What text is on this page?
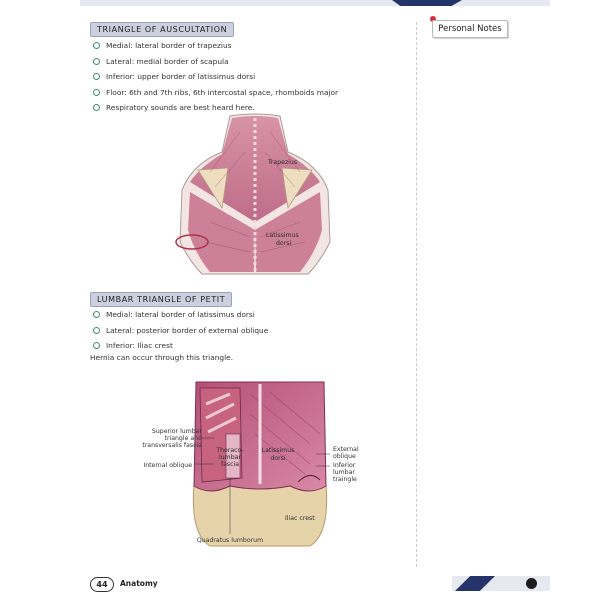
Personal Notes
TRIANGLE OF AUSCULTATION
Medial: lateral border of trapezius
Lateral: medial border of scapula
Inferior: upper border of latissimus dorsi
Floor: 6th and 7th ribs, 6th intercostal space, rhomboids major
Respiratory sounds are best heard here.
Trapezius
Latissimus
dorsi
LUMBAR TRIANGLE OF PETIT
Medial: lateral border of latissimus dorsi
Lateral: posterior border of external oblique
Inferior: Iliac crest
Hernia can occur through this triangle.
Superior lumbar
triangle and
transversalis fascia
Internal oblique
Thoraco-
lumbar
fascia
Latissimus
dorsi
External
oblique
Inferior
lumbar
traingle
Iliac crest
Quadratus lumborum
44	Anatomy
